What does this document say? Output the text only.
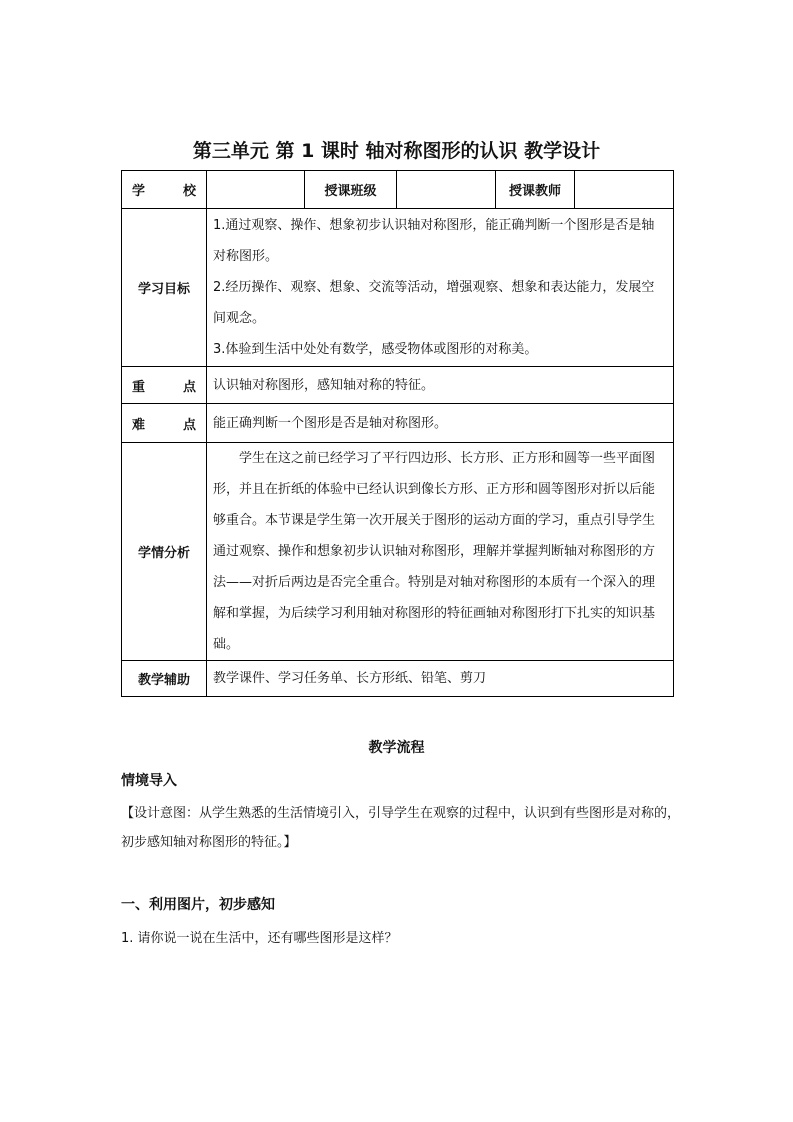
第三单元 第 1 课时 轴对称图形的认识 教学设计
学 校		授课班级		授课教师	
学习目标	1.通过观察、操作、想象初步认识轴对称图形，能正确判断一个图形是否是轴对称图形。
2.经历操作、观察、想象、交流等活动，增强观察、想象和表达能力，发展空间观念。
3.体验到生活中处处有数学，感受物体或图形的对称美。				

重 点	认识轴对称图形，感知轴对称的特征。				

难 点	能正确判断一个图形是否是轴对称图形。				
学情分析	学生在这之前已经学习了平行四边形、长方形、正方形和圆等一些平面图形，并且在折纸的体验中已经认识到像长方形、正方形和圆等图形对折以后能够重合。本节课是学生第一次开展关于图形的运动方面的学习，重点引导学生通过观察、操作和想象初步认识轴对称图形，理解并掌握判断轴对称图形的方法——对折后两边是否完全重合。特别是对轴对称图形的本质有一个深入的理解和掌握，为后续学习利用轴对称图形的特征画轴对称图形打下扎实的知识基础。				
教学辅助	教学课件、学习任务单、长方形纸、铅笔、剪刀				
教学流程
情境导入
【设计意图：从学生熟悉的生活情境引入，引导学生在观察的过程中，认识到有些图形是对称的，初步感知轴对称图形的特征。】
一、利用图片，初步感知
1. 请你说一说在生活中，还有哪些图形是这样？
